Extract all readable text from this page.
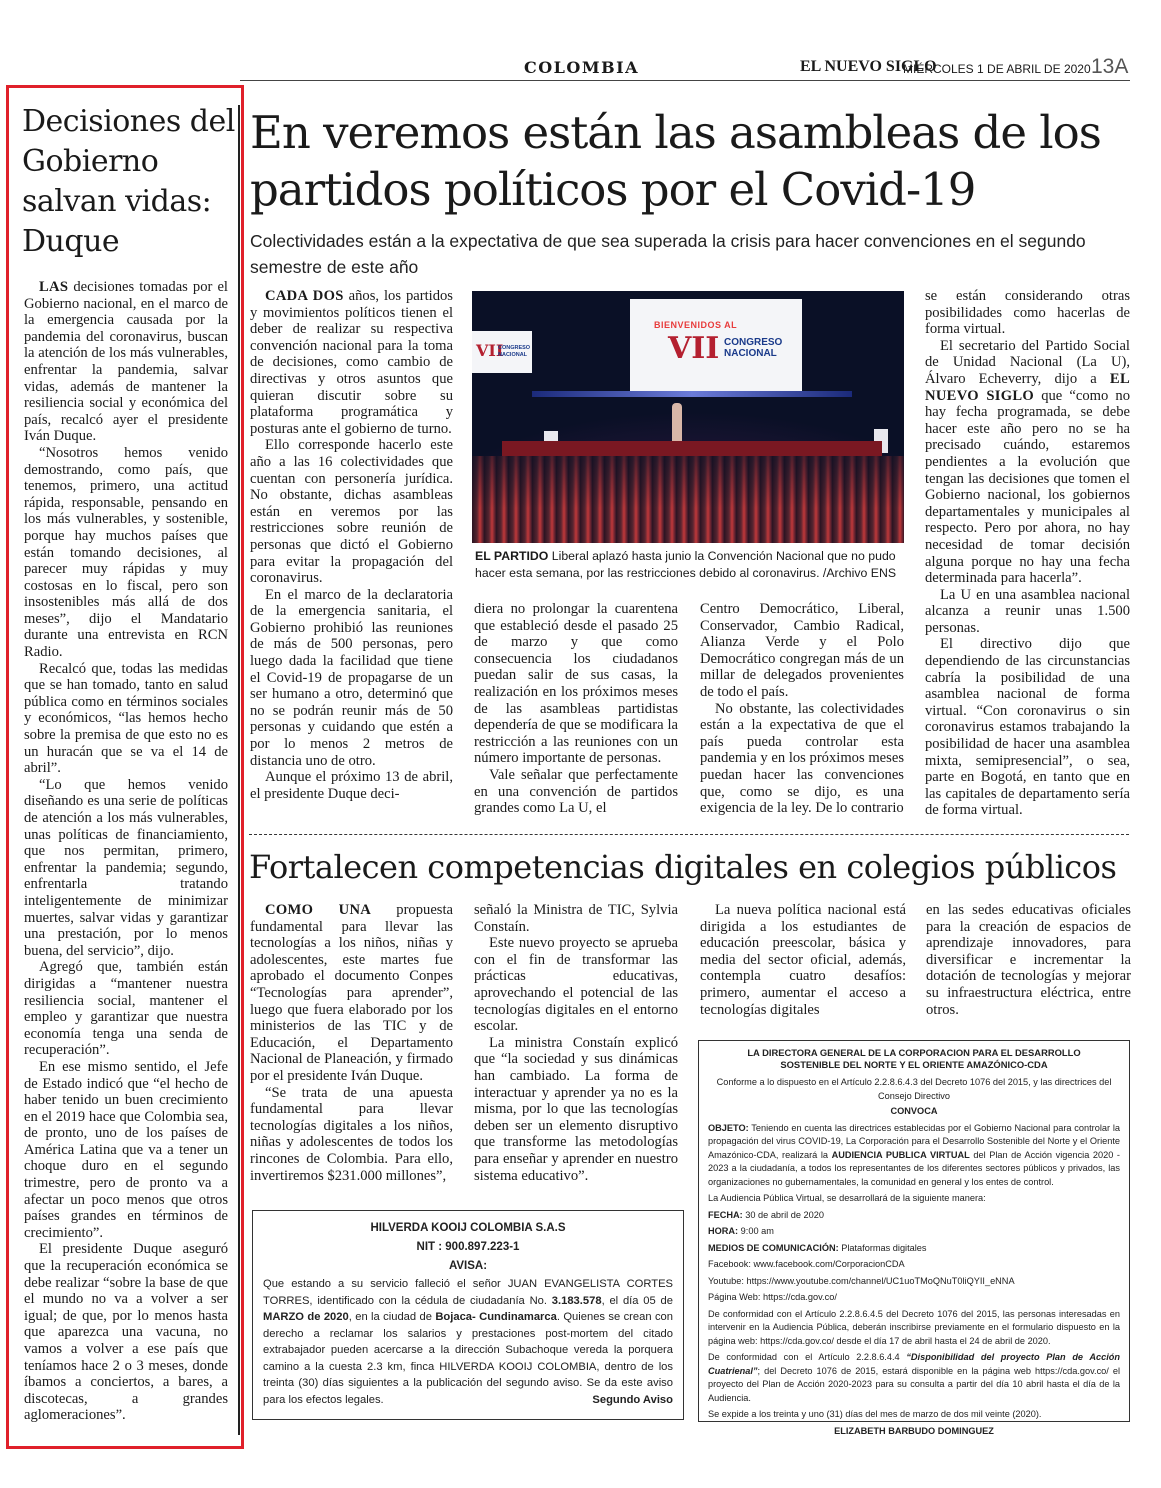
COLOMBIA	EL NUEVO SIGLO
MIÉRCOLES 1 DE ABRIL DE 2020 13A
Decisiones del Gobierno salvan vidas: Duque

LAS decisiones tomadas por el Gobierno nacional, en el marco de la emergencia causada por la pandemia del coronavirus, buscan la atención de los más vulnerables, enfrentar la pandemia, salvar vidas, además de mantener la resiliencia social y económica del país, recalcó ayer el presidente Iván Duque.

“Nosotros hemos venido demostrando, como país, que tenemos, primero, una actitud rápida, responsable, pensando en los más vulnerables, y sostenible, porque hay muchos países que están tomando decisiones, al parecer muy rápidas y muy costosas en lo fiscal, pero son insostenibles más allá de dos meses”, dijo el Mandatario durante una entrevista en RCN Radio.

Recalcó que, todas las medidas que se han tomado, tanto en salud pública como en términos sociales y económicos, “las hemos hecho sobre la premisa de que esto no es un huracán que se va el 14 de abril”.

“Lo que hemos venido diseñando es una serie de políticas de atención a los más vulnerables, unas políticas de financiamiento, que nos permitan, primero, enfrentar la pandemia; segundo, enfrentarla tratando inteligentemente de minimizar muertes, salvar vidas y garantizar una prestación, por lo menos buena, del servicio”, dijo.

Agregó que, también están dirigidas a “mantener nuestra resiliencia social, mantener el empleo y garantizar que nuestra economía tenga una senda de recuperación”.

En ese mismo sentido, el Jefe de Estado indicó que “el hecho de haber tenido un buen crecimiento en el 2019 hace que Colombia sea, de pronto, uno de los países de América Latina que va a tener un choque duro en el segundo trimestre, pero de pronto va a afectar un poco menos que otros países grandes en términos de crecimiento”.

El presidente Duque aseguró que la recuperación económica se debe realizar “sobre la base de que el mundo no va a volver a ser igual; de que, por lo menos hasta que aparezca una vacuna, no vamos a volver a ese país que teníamos hace 2 o 3 meses, donde íbamos a conciertos, a bares, a discotecas, a grandes aglomeraciones”.

En veremos están las asambleas de los partidos políticos por el Covid-19
Colectividades están a la expectativa de que sea superada la crisis para hacer convenciones en el segundo semestre de este año

CADA DOS años, los partidos y movimientos políticos tienen el deber de realizar su respectiva convención nacional para la toma de decisiones, como cambio de directivas y otros asuntos que quieran discutir sobre su plataforma programática y posturas ante el gobierno de turno.

Ello corresponde hacerlo este año a las 16 colectividades que cuentan con personería jurídica. No obstante, dichas asambleas están en veremos por las restricciones sobre reunión de personas que dictó el Gobierno para evitar la propagación del coronavirus.

En el marco de la declaratoria de la emergencia sanitaria, el Gobierno prohibió las reuniones de más de 500 personas, pero luego dada la facilidad que tiene el Covid-19 de propagarse de un ser humano a otro, determinó que no se podrán reunir más de 50 personas y cuidando que estén a por lo menos 2 metros de distancia uno de otro.

Aunque el próximo 13 de abril, el presidente Duque deci-

BIENVENIDOS AL
VII CONGRESO
NACIONAL
VII
CONGRESO
NACIONAL
EL PARTIDO Liberal aplazó hasta junio la Convención Nacional que no pudo hacer esta semana, por las restricciones debido al coronavirus. /Archivo ENS

diera no prolongar la cuarentena que estableció desde el pasado 25 de marzo y que como consecuencia los ciudadanos puedan salir de sus casas, la realización en los próximos meses de las asambleas partidistas dependería de que se modificara la restricción a las reuniones con un número importante de personas.

Vale señalar que perfectamente en una convención de partidos grandes como La U, el

Centro Democrático, Liberal, Conservador, Cambio Radical, Alianza Verde y el Polo Democrático congregan más de un millar de delegados provenientes de todo el país.

No obstante, las colectividades están a la expectativa de que el país pueda controlar esta pandemia y en los próximos meses puedan hacer las convenciones que, como se dijo, es una exigencia de la ley. De lo contrario

se están considerando otras posibilidades como hacerlas de forma virtual.

El secretario del Partido Social de Unidad Nacional (La U), Álvaro Echeverry, dijo a EL NUEVO SIGLO que “como no hay fecha programada, se debe hacer este año pero no se ha precisado cuándo, estaremos pendientes a la evolución que tengan las decisiones que tomen el Gobierno nacional, los gobiernos departamentales y municipales al respecto. Pero por ahora, no hay necesidad de tomar decisión alguna porque no hay una fecha determinada para hacerla”.

La U en una asamblea nacional alcanza a reunir unas 1.500 personas.

El directivo dijo que dependiendo de las circunstancias cabría la posibilidad de una asamblea nacional de forma virtual. “Con coronavirus o sin coronavirus estamos trabajando la posibilidad de hacer una asamblea mixta, semipresencial”, o sea, parte en Bogotá, en tanto que en las capitales de departamento sería de forma virtual.

Fortalecen competencias digitales en colegios públicos

COMO UNA propuesta fundamental para llevar las tecnologías a los niños, niñas y adolescentes, este martes fue aprobado el documento Conpes “Tecnologías para aprender”, luego que fuera elaborado por los ministerios de las TIC y de Educación, el Departamento Nacional de Planeación, y firmado por el presidente Iván Duque.

“Se trata de una apuesta fundamental para llevar tecnologías digitales a los niños, niñas y adolescentes de todos los rincones de Colombia. Para ello, invertiremos $231.000 millones”,

señaló la Ministra de TIC, Sylvia Constaín.

Este nuevo proyecto se aprueba con el fin de transformar las prácticas educativas, aprovechando el potencial de las tecnologías digitales en el entorno escolar.

La ministra Constaín explicó que “la sociedad y sus dinámicas han cambiado. La forma de interactuar y aprender ya no es la misma, por lo que las tecnologías deben ser un elemento disruptivo que transforme las metodologías para enseñar y aprender en nuestro sistema educativo”.

La nueva política nacional está dirigida a los estudiantes de educación preescolar, básica y media del sector oficial, además, contempla cuatro desafíos: primero, aumentar el acceso a tecnologías digitales

en las sedes educativas oficiales para la creación de espacios de aprendizaje innovadores, para diversificar e incrementar la dotación de tecnologías y mejorar su infraestructura eléctrica, entre otros.

LA DIRECTORA GENERAL DE LA CORPORACION PARA EL DESARROLLO SOSTENIBLE DEL NORTE Y EL ORIENTE AMAZÓNICO-CDA
Conforme a lo dispuesto en el Artículo 2.2.8.6.4.3 del Decreto 1076 del 2015, y las directrices del Consejo Directivo
CONVOCA

OBJETO: Teniendo en cuenta las directrices establecidas por el Gobierno Nacional para controlar la propagación del virus COVID-19, La Corporación para el Desarrollo Sostenible del Norte y el Oriente Amazónico-CDA, realizará la AUDIENCIA PUBLICA VIRTUAL del Plan de Acción vigencia 2020 - 2023 a la ciudadanía, a todos los representantes de los diferentes sectores públicos y privados, las organizaciones no gubernamentales, la comunidad en general y los entes de control.

La Audiencia Pública Virtual, se desarrollará de la siguiente manera:

FECHA: 30 de abril de 2020

HORA: 9:00 am

MEDIOS DE COMUNICACIÓN: Plataformas digitales

Facebook: www.facebook.com/CorporacionCDA

Youtube: https://www.youtube.com/channel/UC1uoTMoQNuT0liQYII_eNNA

Página Web: https://cda.gov.co/

De conformidad con el Artículo 2.2.8.6.4.5 del Decreto 1076 del 2015, las personas interesadas en intervenir en la Audiencia Pública, deberán inscribirse previamente en el formulario dispuesto en la página web: https://cda.gov.co/ desde el día 17 de abril hasta el 24 de abril de 2020.

De conformidad con el Artículo 2.2.8.6.4.4 “Disponibilidad del proyecto Plan de Acción Cuatrienal”; del Decreto 1076 de 2015, estará disponible en la página web https://cda.gov.co/ el proyecto del Plan de Acción 2020-2023 para su consulta a partir del día 10 abril hasta el día de la Audiencia.

Se expide a los treinta y uno (31) días del mes de marzo de dos mil veinte (2020).

ELIZABETH BARBUDO DOMINGUEZ
HILVERDA KOOIJ COLOMBIA S.A.S
NIT : 900.897.223-1
AVISA:

Que estando a su servicio falleció el señor JUAN EVANGELISTA CORTES TORRES, identificado con la cédula de ciudadanía No. 3.183.578, el día 05 de MARZO de 2020, en la ciudad de Bojaca- Cundinamarca. Quienes se crean con derecho a reclamar los salarios y prestaciones post-mortem del citado extrabajador pueden acercarse a la dirección Subachoque vereda la porquera camino a la cuesta 2.3 km, finca HILVERDA KOOIJ COLOMBIA, dentro de los treinta (30) días siguientes a la publicación del segundo aviso. Se da este aviso para los efectos legales.	Segundo Aviso
